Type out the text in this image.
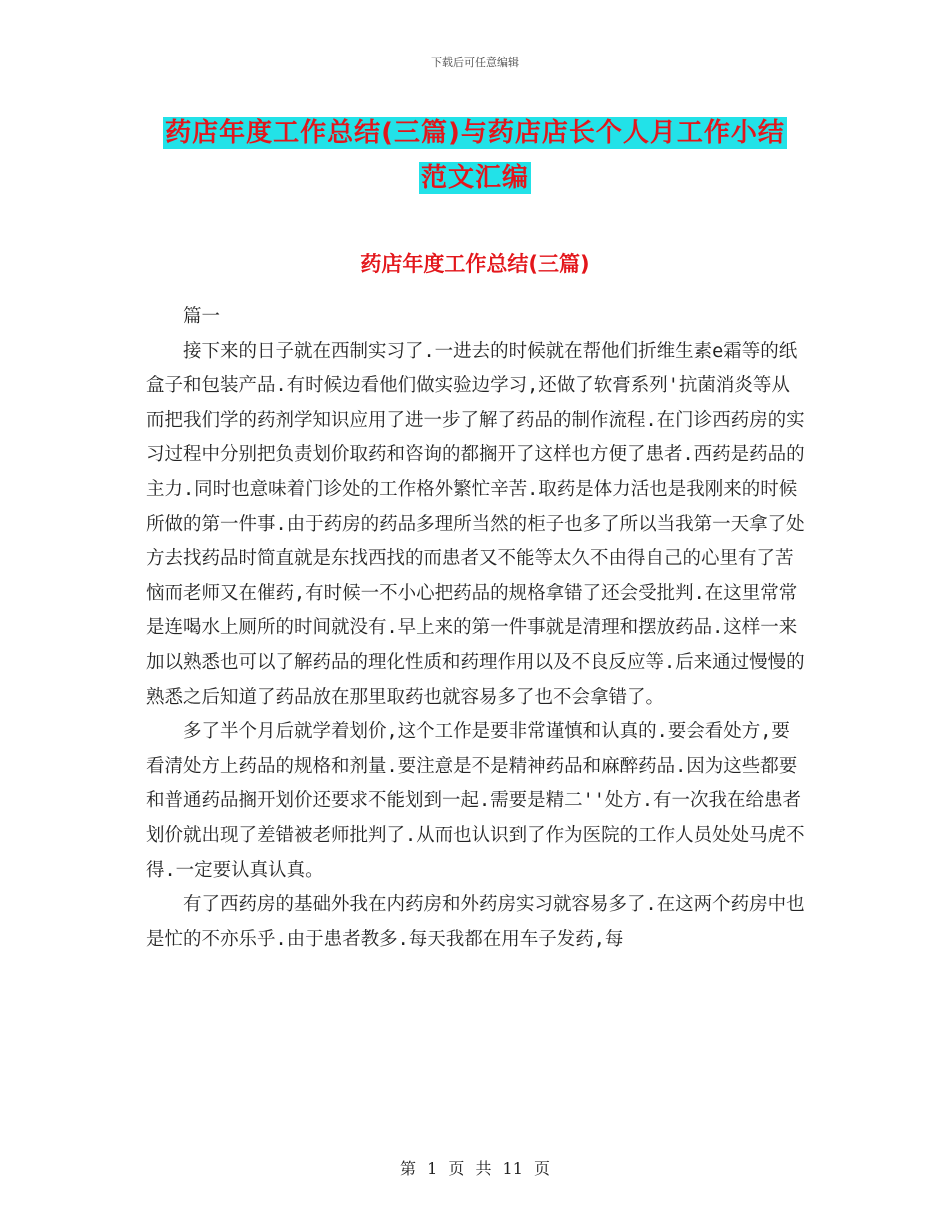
下载后可任意编辑
药店年度工作总结(三篇)与药店店长个人月工作小结
范文汇编
药店年度工作总结(三篇)

篇一

接下来的日子就在西制实习了.一进去的时候就在帮他们折维生素e霜等的纸盒子和包装产品.有时候边看他们做实验边学习,还做了软膏系列'抗菌消炎等从而把我们学的药剂学知识应用了进一步了解了药品的制作流程.在门诊西药房的实习过程中分别把负责划价取药和咨询的都搁开了这样也方便了患者.西药是药品的主力.同时也意味着门诊处的工作格外繁忙辛苦.取药是体力活也是我刚来的时候所做的第一件事.由于药房的药品多理所当然的柜子也多了所以当我第一天拿了处方去找药品时简直就是东找西找的而患者又不能等太久不由得自己的心里有了苦恼而老师又在催药,有时候一不小心把药品的规格拿错了还会受批判.在这里常常是连喝水上厕所的时间就没有.早上来的第一件事就是清理和摆放药品.这样一来加以熟悉也可以了解药品的理化性质和药理作用以及不良反应等.后来通过慢慢的熟悉之后知道了药品放在那里取药也就容易多了也不会拿错了。

多了半个月后就学着划价,这个工作是要非常谨慎和认真的.要会看处方,要看清处方上药品的规格和剂量.要注意是不是精神药品和麻醉药品.因为这些都要和普通药品搁开划价还要求不能划到一起.需要是精二''处方.有一次我在给患者划价就出现了差错被老师批判了.从而也认识到了作为医院的工作人员处处马虎不得.一定要认真认真。

有了西药房的基础外我在内药房和外药房实习就容易多了.在这两个药房中也是忙的不亦乐乎.由于患者教多.每天我都在用车子发药,每

第 1 页 共 11 页
